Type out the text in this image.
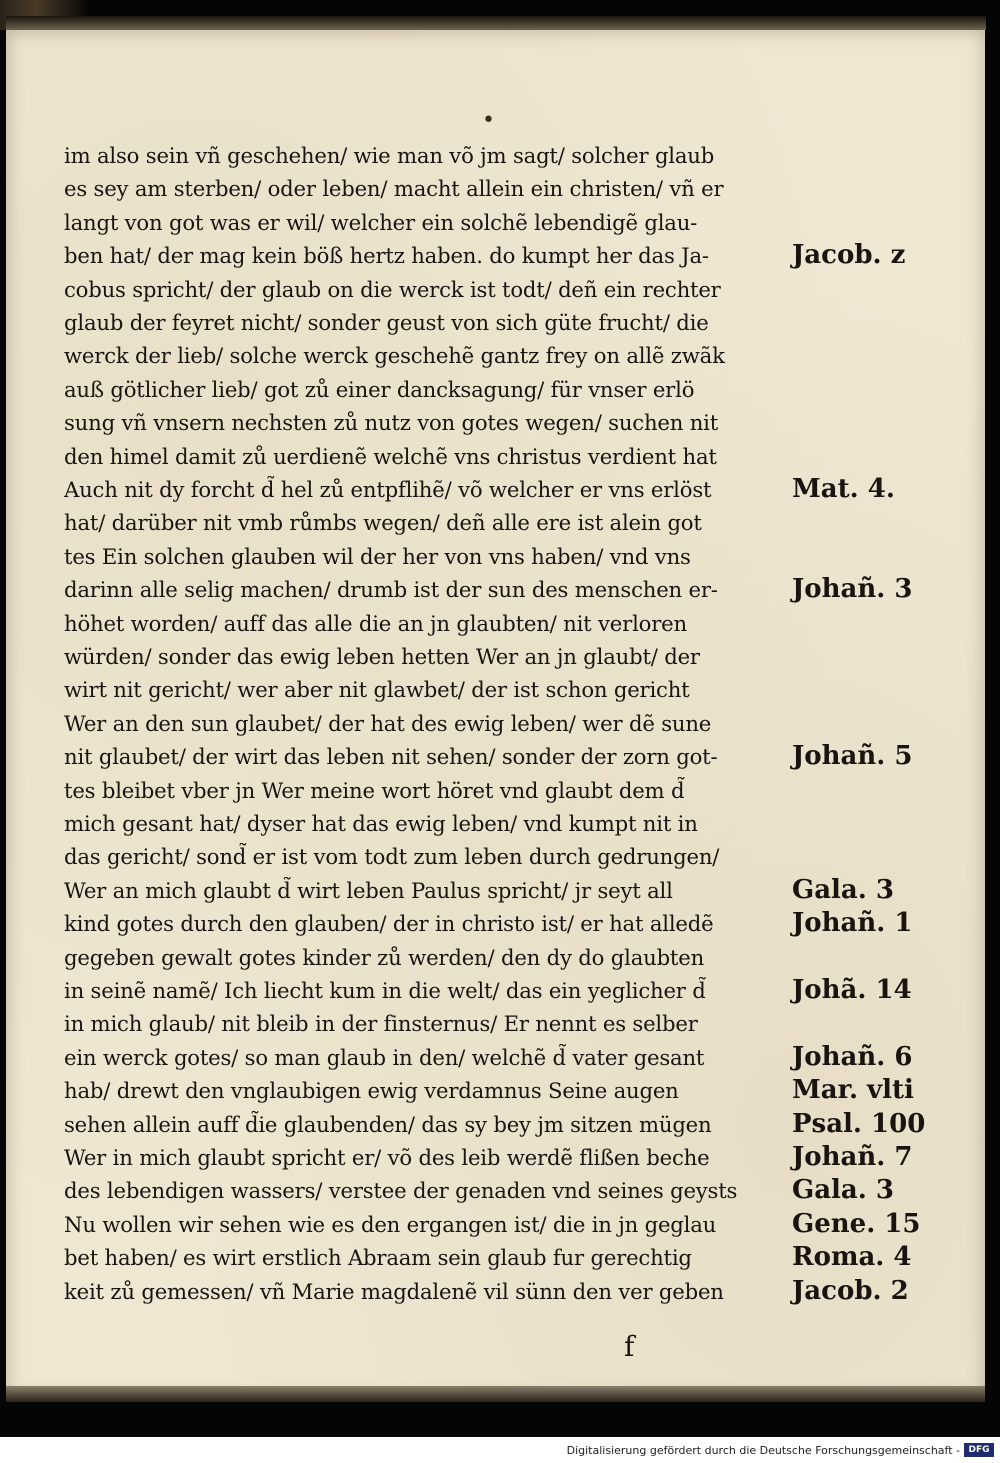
•
im also sein vñ geschehen/ wie man võ jm sagt/ solcher glaub
es sey am sterben/ oder leben/ macht allein ein christen/ vñ er
langt von got was er wil/ welcher ein solchẽ lebendigẽ glau-
ben hat/ der mag kein böß hertz haben. do kumpt her das Ja-
cobus spricht/ der glaub on die werck ist todt/ deñ ein rechter
glaub der feyret nicht/ sonder geust von sich güte frucht/ die
werck der lieb/ solche werck geschehẽ gantz frey on allẽ zwãk
auß götlicher lieb/ got zů einer dancksagung/ für vnser erlö
sung vñ vnsern nechsten zů nutz von gotes wegen/ suchen nit
den himel damit zů uerdienẽ welchẽ vns christus verdient hat
Auch nit dy forcht d̃ hel zů entpflihẽ/ võ welcher er vns erlöst
hat/ darüber nit vmb růmbs wegen/ deñ alle ere ist alein got
tes Ein solchen glauben wil der her von vns haben/ vnd vns
darinn alle selig machen/ drumb ist der sun des menschen er-
höhet worden/ auff das alle die an jn glaubten/ nit verloren
würden/ sonder das ewig leben hetten Wer an jn glaubt/ der
wirt nit gericht/ wer aber nit glawbet/ der ist schon gericht
Wer an den sun glaubet/ der hat des ewig leben/ wer dẽ sune
nit glaubet/ der wirt das leben nit sehen/ sonder der zorn got-
tes bleibet vber jn Wer meine wort höret vnd glaubt dem d̃
mich gesant hat/ dyser hat das ewig leben/ vnd kumpt nit in
das gericht/ sond̃ er ist vom todt zum leben durch gedrungen/
Wer an mich glaubt d̃ wirt leben Paulus spricht/ jr seyt all
kind gotes durch den glauben/ der in christo ist/ er hat alledẽ
gegeben gewalt gotes kinder zů werden/ den dy do glaubten
in seinẽ namẽ/ Ich liecht kum in die welt/ das ein yeglicher d̃
in mich glaub/ nit bleib in der finsternus/ Er nennt es selber
ein werck gotes/ so man glaub in den/ welchẽ d̃ vater gesant
hab/ drewt den vnglaubigen ewig verdamnus Seine augen
sehen allein auff d̃ie glaubenden/ das sy bey jm sitzen mügen
Wer in mich glaubt spricht er/ võ des leib werdẽ flißen beche
des lebendigen wassers/ verstee der genaden vnd seines geysts
Nu wollen wir sehen wie es den ergangen ist/ die in jn geglau
bet haben/ es wirt erstlich Abraam sein glaub fur gerechtig
keit zů gemessen/ vñ Marie magdalenẽ vil sünn den ver geben
Jacob. z
Mat. 4.
Johañ. 3
Johañ. 5
Gala. 3
Johañ. 1
Johã. 14
Johañ. 6
Mar. vlti
Psal. 100
Johañ. 7
Gala. 3
Gene. 15
Roma. 4
Jacob. 2
f
Digitalisierung gefördert durch die Deutsche Forschungsgemeinschaft - DFG
